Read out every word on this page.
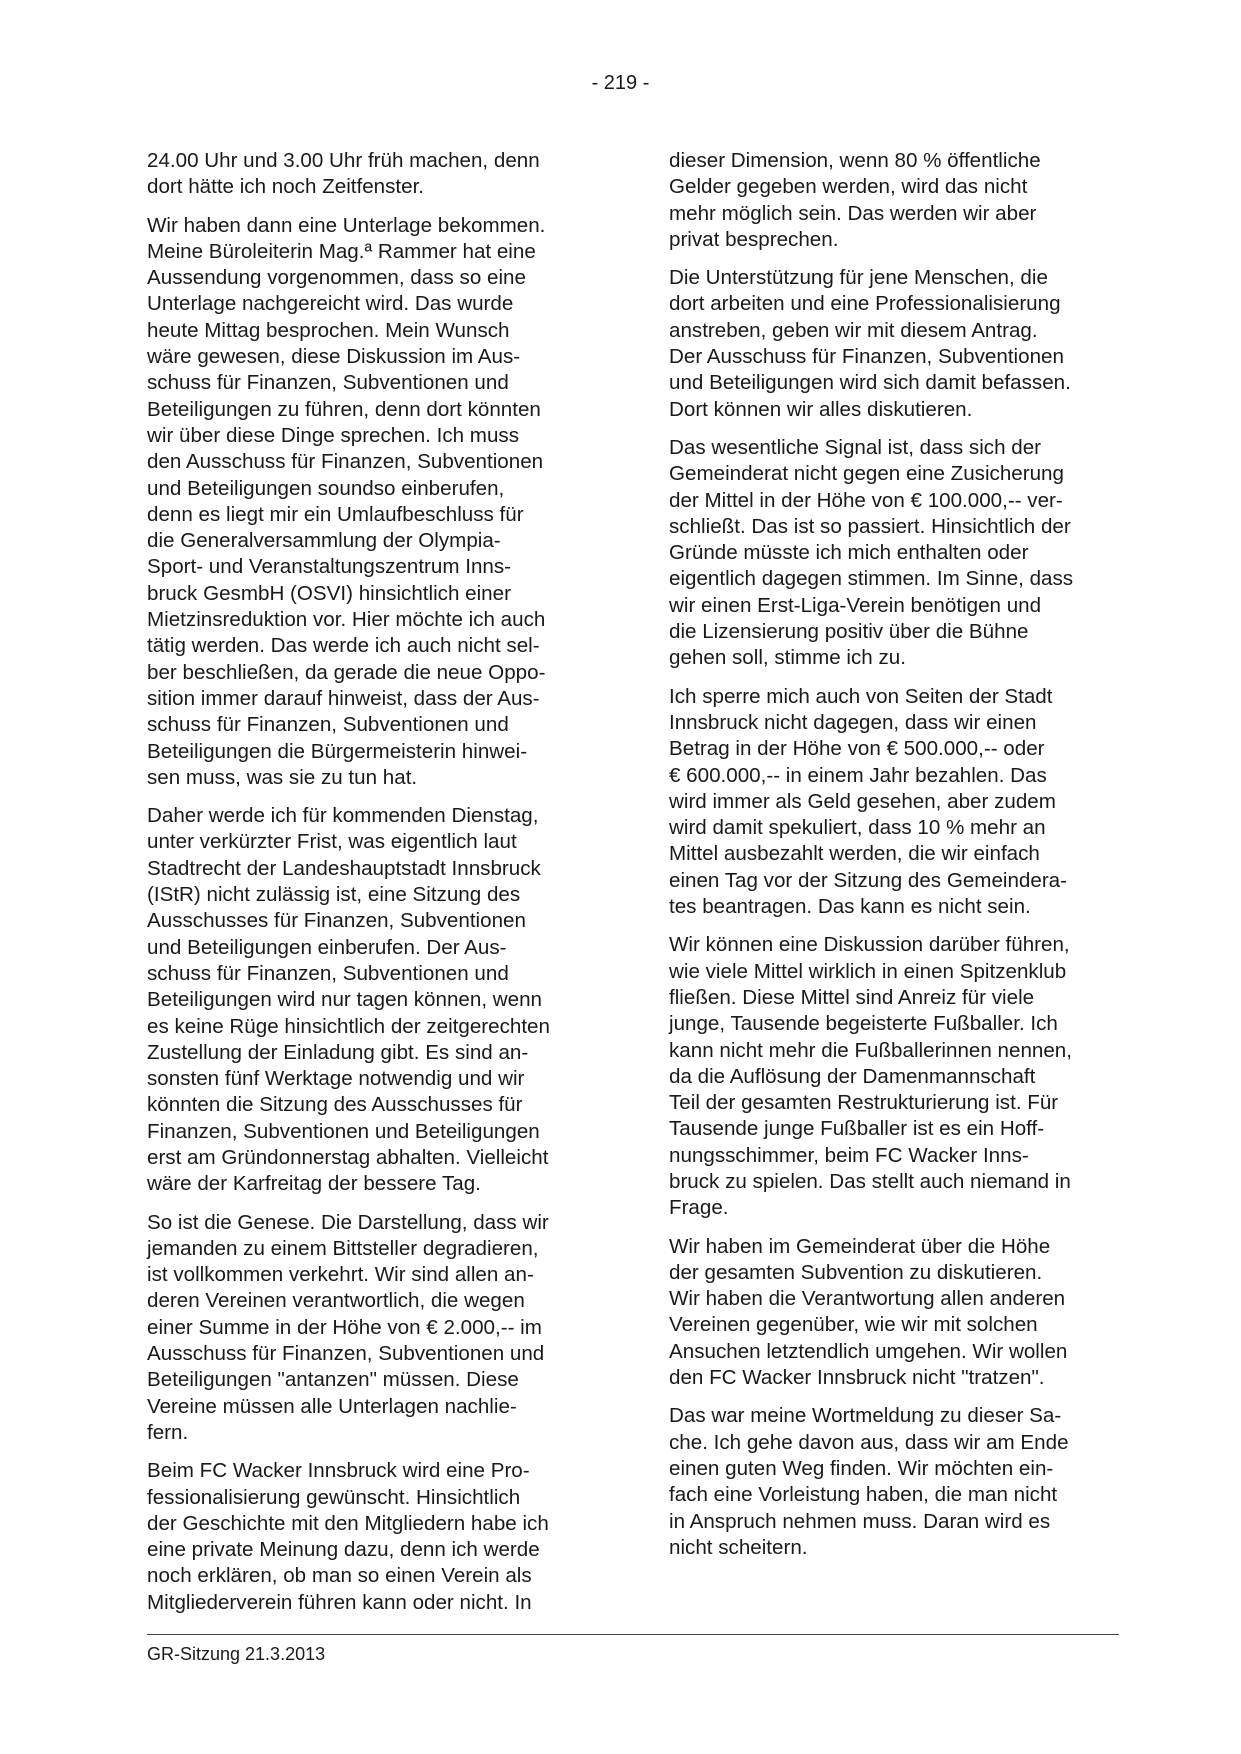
- 219 -

24.00 Uhr und 3.00 Uhr früh machen, denn
dort hätte ich noch Zeitfenster.

Wir haben dann eine Unterlage bekommen.
Meine Büroleiterin Mag.ª Rammer hat eine
Aussendung vorgenommen, dass so eine
Unterlage nachgereicht wird. Das wurde
heute Mittag besprochen. Mein Wunsch
wäre gewesen, diese Diskussion im Aus-
schuss für Finanzen, Subventionen und
Beteiligungen zu führen, denn dort könnten
wir über diese Dinge sprechen. Ich muss
den Ausschuss für Finanzen, Subventionen
und Beteiligungen soundso einberufen,
denn es liegt mir ein Umlaufbeschluss für
die Generalversammlung der Olympia-
Sport- und Veranstaltungszentrum Inns-
bruck GesmbH (OSVI) hinsichtlich einer
Mietzinsreduktion vor. Hier möchte ich auch
tätig werden. Das werde ich auch nicht sel-
ber beschließen, da gerade die neue Oppo-
sition immer darauf hinweist, dass der Aus-
schuss für Finanzen, Subventionen und
Beteiligungen die Bürgermeisterin hinwei-
sen muss, was sie zu tun hat.

Daher werde ich für kommenden Dienstag,
unter verkürzter Frist, was eigentlich laut
Stadtrecht der Landeshauptstadt Innsbruck
(IStR) nicht zulässig ist, eine Sitzung des
Ausschusses für Finanzen, Subventionen
und Beteiligungen einberufen. Der Aus-
schuss für Finanzen, Subventionen und
Beteiligungen wird nur tagen können, wenn
es keine Rüge hinsichtlich der zeitgerechten
Zustellung der Einladung gibt. Es sind an-
sonsten fünf Werktage notwendig und wir
könnten die Sitzung des Ausschusses für
Finanzen, Subventionen und Beteiligungen
erst am Gründonnerstag abhalten. Vielleicht
wäre der Karfreitag der bessere Tag.

So ist die Genese. Die Darstellung, dass wir
jemanden zu einem Bittsteller degradieren,
ist vollkommen verkehrt. Wir sind allen an-
deren Vereinen verantwortlich, die wegen
einer Summe in der Höhe von € 2.000,-- im
Ausschuss für Finanzen, Subventionen und
Beteiligungen "antanzen" müssen. Diese
Vereine müssen alle Unterlagen nachlie-
fern.

Beim FC Wacker Innsbruck wird eine Pro-
fessionalisierung gewünscht. Hinsichtlich
der Geschichte mit den Mitgliedern habe ich
eine private Meinung dazu, denn ich werde
noch erklären, ob man so einen Verein als
Mitgliederverein führen kann oder nicht. In

dieser Dimension, wenn 80 % öffentliche
Gelder gegeben werden, wird das nicht
mehr möglich sein. Das werden wir aber
privat besprechen.

Die Unterstützung für jene Menschen, die
dort arbeiten und eine Professionalisierung
anstreben, geben wir mit diesem Antrag.
Der Ausschuss für Finanzen, Subventionen
und Beteiligungen wird sich damit befassen.
Dort können wir alles diskutieren.

Das wesentliche Signal ist, dass sich der
Gemeinderat nicht gegen eine Zusicherung
der Mittel in der Höhe von € 100.000,-- ver-
schließt. Das ist so passiert. Hinsichtlich der
Gründe müsste ich mich enthalten oder
eigentlich dagegen stimmen. Im Sinne, dass
wir einen Erst-Liga-Verein benötigen und
die Lizensierung positiv über die Bühne
gehen soll, stimme ich zu.

Ich sperre mich auch von Seiten der Stadt
Innsbruck nicht dagegen, dass wir einen
Betrag in der Höhe von € 500.000,-- oder
€ 600.000,-- in einem Jahr bezahlen. Das
wird immer als Geld gesehen, aber zudem
wird damit spekuliert, dass 10 % mehr an
Mittel ausbezahlt werden, die wir einfach
einen Tag vor der Sitzung des Gemeindera-
tes beantragen. Das kann es nicht sein.

Wir können eine Diskussion darüber führen,
wie viele Mittel wirklich in einen Spitzenklub
fließen. Diese Mittel sind Anreiz für viele
junge, Tausende begeisterte Fußballer. Ich
kann nicht mehr die Fußballerinnen nennen,
da die Auflösung der Damenmannschaft
Teil der gesamten Restrukturierung ist. Für
Tausende junge Fußballer ist es ein Hoff-
nungsschimmer, beim FC Wacker Inns-
bruck zu spielen. Das stellt auch niemand in
Frage.

Wir haben im Gemeinderat über die Höhe
der gesamten Subvention zu diskutieren.
Wir haben die Verantwortung allen anderen
Vereinen gegenüber, wie wir mit solchen
Ansuchen letztendlich umgehen. Wir wollen
den FC Wacker Innsbruck nicht "tratzen".

Das war meine Wortmeldung zu dieser Sa-
che. Ich gehe davon aus, dass wir am Ende
einen guten Weg finden. Wir möchten ein-
fach eine Vorleistung haben, die man nicht
in Anspruch nehmen muss. Daran wird es
nicht scheitern.

GR-Sitzung 21.3.2013
